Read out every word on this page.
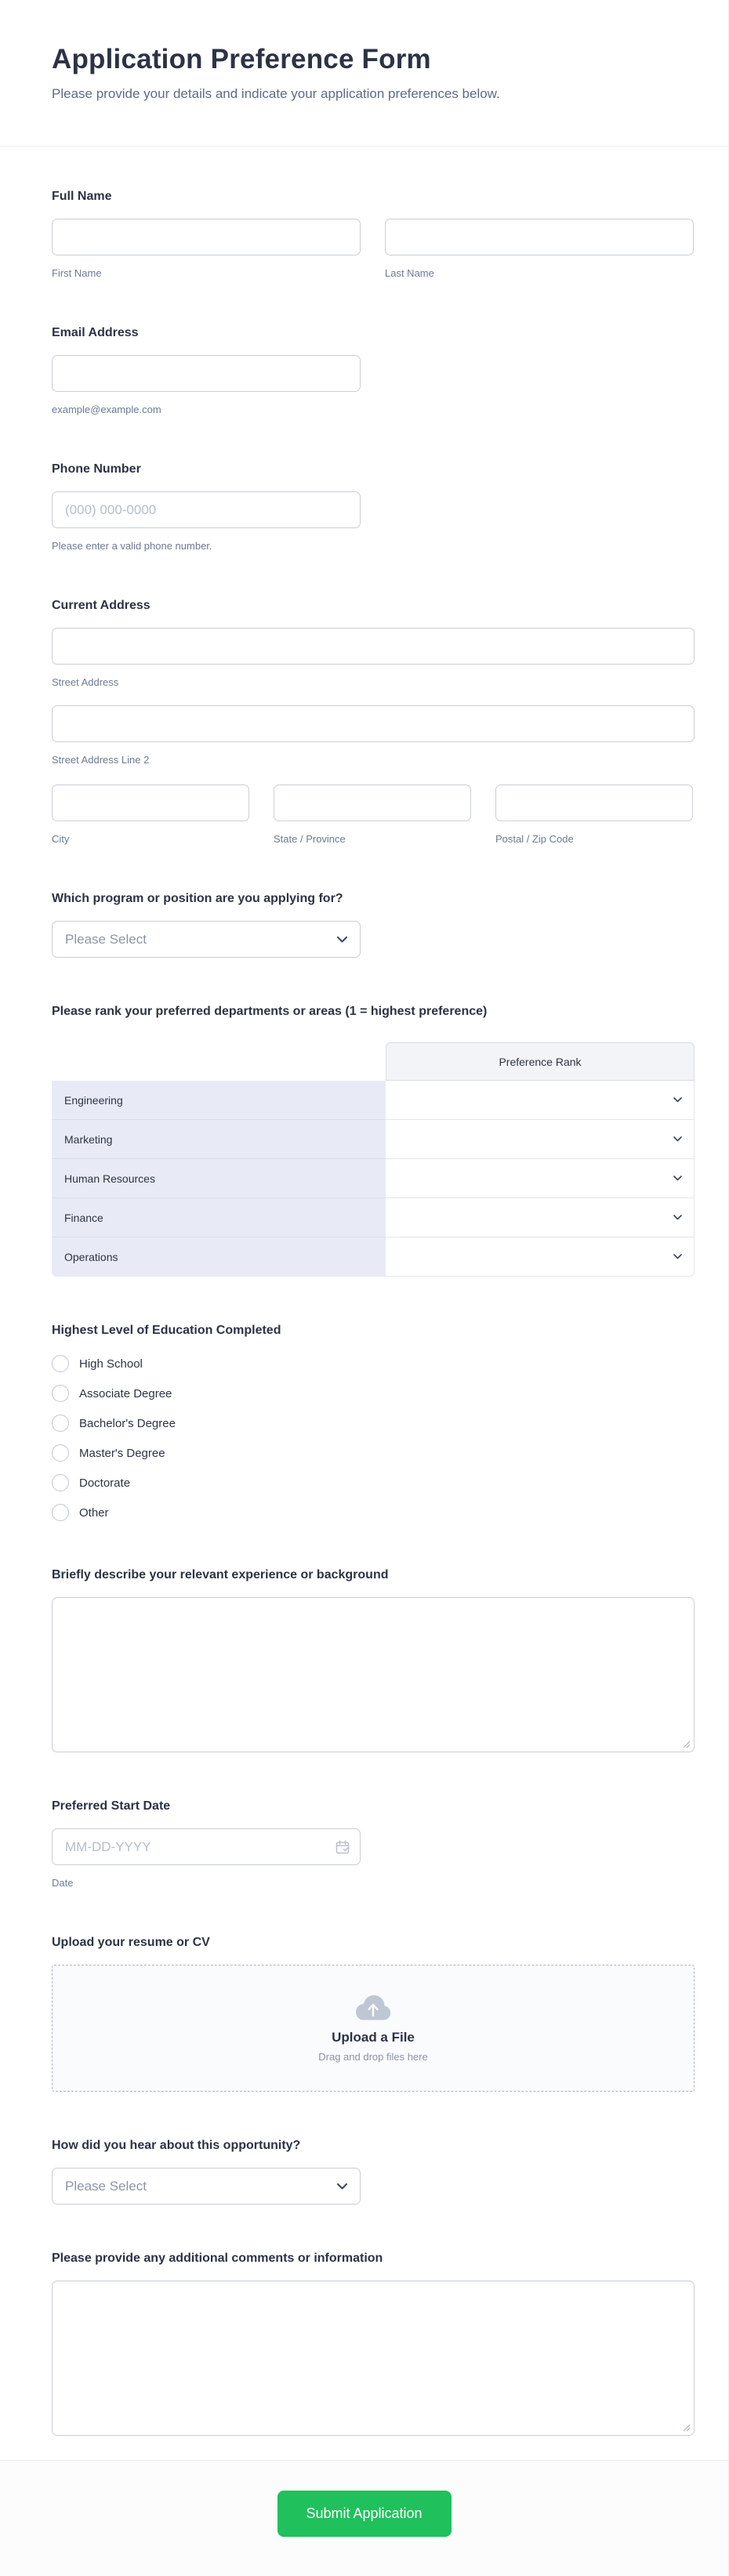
Application Preference Form
Please provide your details and indicate your application preferences below.
Full Name
First Name	Last Name
Email Address
example@example.com
Phone Number
(000) 000-0000
Please enter a valid phone number.
Current Address
Street Address
Street Address Line 2
City	State / Province	Postal / Zip Code
Which program or position are you applying for?
Please Select
Please rank your preferred departments or areas (1 = highest preference)
Preference Rank
Engineering
Marketing
Human Resources
Finance
Operations
Highest Level of Education Completed
High School
Associate Degree
Bachelor's Degree
Master's Degree
Doctorate
Other
Briefly describe your relevant experience or background
Preferred Start Date
MM-DD-YYYY
Date
Upload your resume or CV
Upload a File
Drag and drop files here
How did you hear about this opportunity?
Please Select
Please provide any additional comments or information
Submit Application
